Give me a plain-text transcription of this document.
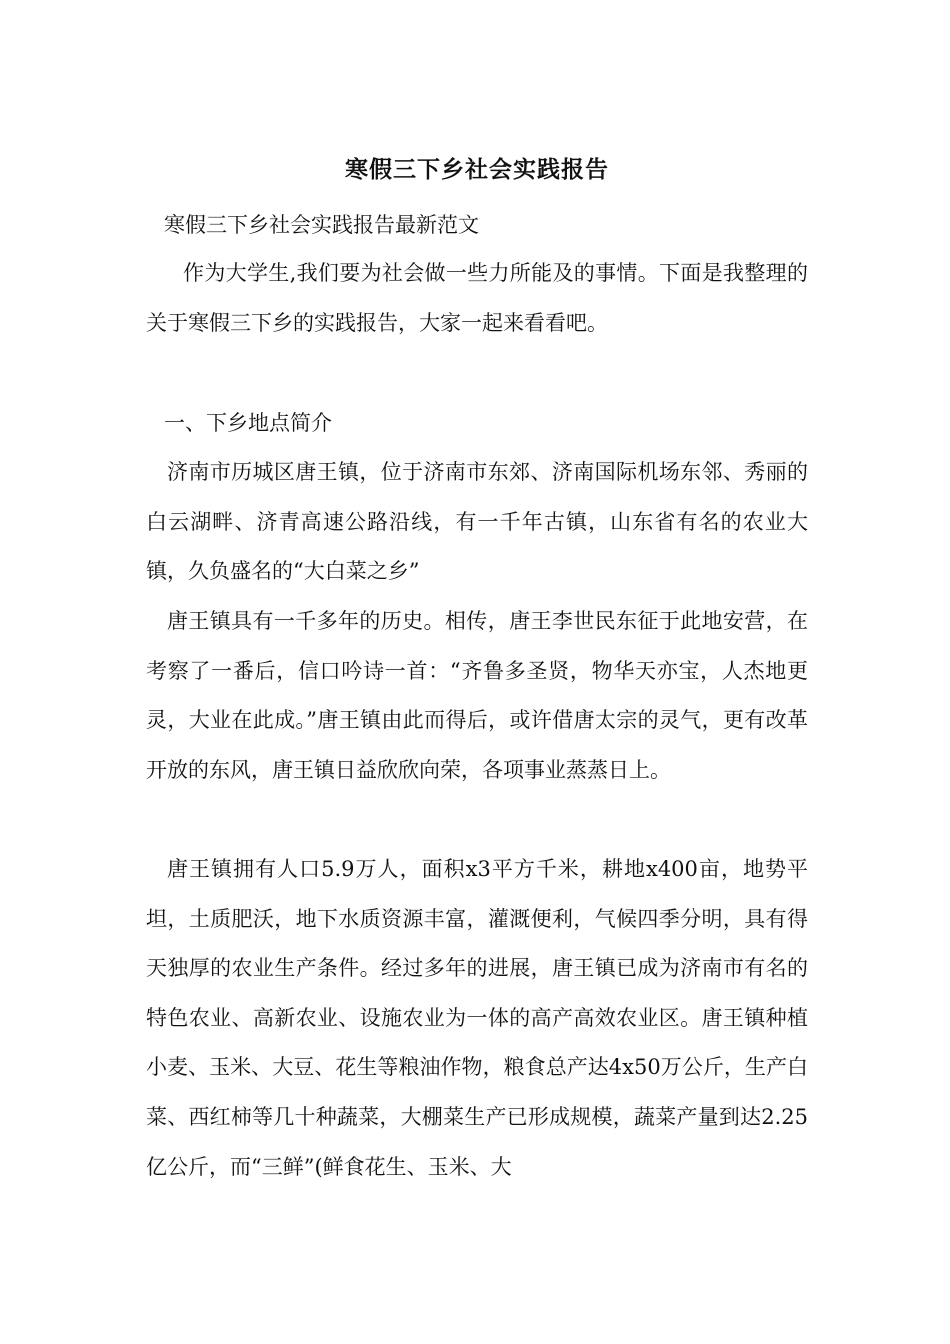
寒假三下乡社会实践报告
寒假三下乡社会实践报告最新范文
作为大学生,我们要为社会做一些力所能及的事情。下面是我整理的关于寒假三下乡的实践报告，大家一起来看看吧。
一、下乡地点简介
济南市历城区唐王镇，位于济南市东郊、济南国际机场东邻、秀丽的白云湖畔、济青高速公路沿线，有一千年古镇，山东省有名的农业大镇，久负盛名的“大白菜之乡”
唐王镇具有一千多年的历史。相传，唐王李世民东征于此地安营，在考察了一番后，信口吟诗一首：“齐鲁多圣贤，物华天亦宝，人杰地更灵，大业在此成。”唐王镇由此而得后，或许借唐太宗的灵气，更有改革开放的东风，唐王镇日益欣欣向荣，各项事业蒸蒸日上。
唐王镇拥有人口5.9万人，面积x3平方千米，耕地x400亩，地势平坦，土质肥沃，地下水质资源丰富，灌溉便利，气候四季分明，具有得天独厚的农业生产条件。经过多年的进展，唐王镇已成为济南市有名的特色农业、高新农业、设施农业为一体的高产高效农业区。唐王镇种植小麦、玉米、大豆、花生等粮油作物，粮食总产达4x50万公斤，生产白菜、西红柿等几十种蔬菜，大棚菜生产已形成规模，蔬菜产量到达2.25亿公斤，而“三鲜”(鲜食花生、玉米、大
